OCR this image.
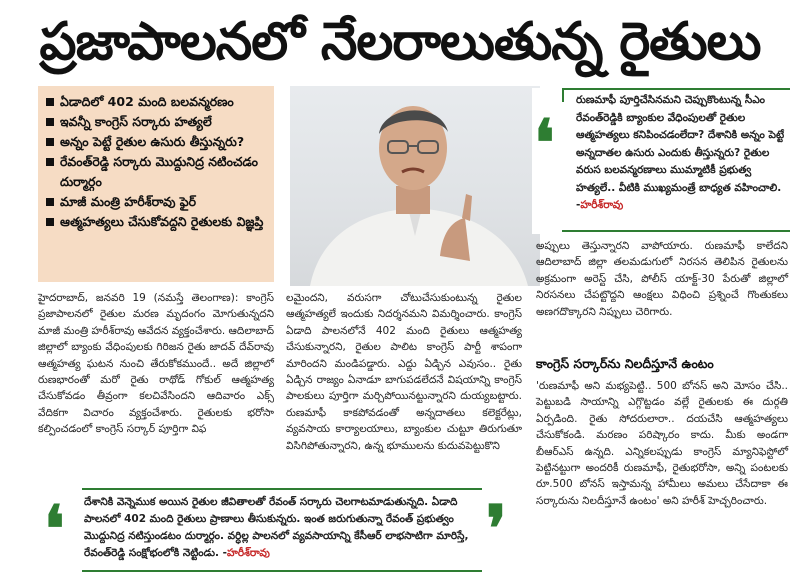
ప్రజాపాలనలో నేలరాలుతున్న రైతులు
ఏడాదిలో 402 మంది బలవన్మరణం
ఇవన్నీ కాంగ్రెస్ సర్కారు హత్యలే
అన్నం పెట్టే రైతుల ఉసురు తీస్తున్నరు?
రేవంత్‌రెడ్డి సర్కారు మొద్దునిద్ర నటించడం దుర్మార్గం
మాజీ మంత్రి హరీశ్‌రావు ఫైర్
ఆత్మహత్యలు చేసుకోవద్దని రైతులకు విజ్ఞప్తి
❛
రుణమాఫీ పూర్తిచేసినమని చెప్పుకొంటున్న సీఎం రేవంత్‌రెడ్డికి బ్యాంకుల వేధింపులతో రైతుల ఆత్మహత్యలు కనిపించడంలేదా? దేశానికి అన్నం పెట్టే అన్నదాతల ఉసురు ఎందుకు తీస్తున్నరు? రైతుల వరుస బలవన్మరణాలు ముమ్మాటికీ ప్రభుత్వ హత్యలే.. వీటికి ముఖ్యమంత్రే బాధ్యత వహించాలి. -హరీశ్‌రావు

హైదరాబాద్, జనవరి 19 (నమస్తే తెలంగాణ): కాంగ్రెస్ ప్రజాపాలనలో రైతుల మరణ మృదంగం మోగుతున్నదని మాజీ మంత్రి హరీశ్‌రావు ఆవేదన వ్యక్తంచేశారు. ఆదిలాబాద్ జిల్లాలో బ్యాంకు వేధింపులకు గిరిజన రైతు జాదవ్ దేవ్‌రావు ఆత్మహత్య ఘటన నుంచి తేరుకోకముందే.. అదే జిల్లాలో రుణభారంతో మరో రైతు రాథోడ్ గోకుల్ ఆత్మహత్య చేసుకోవడం తీవ్రంగా కలచివేసిందని ఆదివారం ఎక్స్ వేదికగా విచారం వ్యక్తంచేశారు. రైతులకు భరోసా కల్పించడంలో కాంగ్రెస్ సర్కార్ పూర్తిగా విఫ

లమైందని, వరుసగా చోటుచేసుకుంటున్న రైతుల ఆత్మహత్యలే ఇందుకు నిదర్శనమని విమర్శించారు. కాంగ్రెస్ ఏడాది పాలనలోనే 402 మంది రైతులు ఆత్మహత్య చేసుకున్నారని, రైతుల పాలిట కాంగ్రెస్ పార్టీ శాపంగా మారిందని మండిపడ్డారు. ఎద్దు ఏడ్చిన ఎవుసం.. రైతు ఏడ్చిన రాజ్యం ఏనాడూ బాగుపడలేదనే విషయాన్ని కాంగ్రెస్ పాలకులు పూర్తిగా మర్చిపోయినట్టున్నారని దుయ్యబట్టారు. రుణమాఫీ కాకపోవడంతో అన్నదాతలు కలెక్టరేట్లు, వ్యవసాయ కార్యాలయాలు, బ్యాంకుల చుట్టూ తిరుగుతూ విసిగిపోతున్నారని, ఉన్న భూములను కుదువపెట్టుకొని

అప్పులు తెస్తున్నారని వాపోయారు. రుణమాఫీ కాలేదని ఆదిలాబాద్ జిల్లా తలమడుగులో నిరసన తెలిపిన రైతులను అక్రమంగా అరెస్ట్ చేసి, పోలీస్ యాక్ట్-30 పేరుతో జిల్లాలో నిరసనలు చేపట్టొద్దని ఆంక్షలు విధించి ప్రశ్నించే గొంతుకలు అణగదొక్కారని నిప్పులు చెరిగారు.

కాంగ్రెస్ సర్కార్‌ను నిలదీస్తూనే ఉంటం

'రుణమాఫీ అని మభ్యపెట్టి.. 500 బోనస్ అని మోసం చేసి.. పెట్టుబడి సాయాన్ని ఎగ్గొట్టడం వల్లే రైతులకు ఈ దుర్గతి ఏర్పడింది. రైతు సోదరులారా.. దయచేసి ఆత్మహత్యలు చేసుకోకండి. మరణం పరిష్కారం కాదు. మీకు అండగా బీఆర్‌ఎస్ ఉన్నది. ఎన్నికలప్పుడు కాంగ్రెస్ మ్యానిఫెస్టోలో పెట్టినట్టుగా అందరికీ రుణమాఫీ, రైతుభరోసా, అన్ని పంటలకు రూ.500 బోనస్ ఇస్తామన్న హామీలు అమలు చేసేదాకా ఈ సర్కారును నిలదీస్తూనే ఉంటం' అని హరీశ్ హెచ్చరించారు.

❛	❜
దేశానికి వెన్నెముక అయిన రైతుల జీవితాలతో రేవంత్ సర్కారు చెలగాటమాడుతున్నది. ఏడాది పాలనలో 402 మంది రైతులు ప్రాణాలు తీసుకున్నరు. ఇంత జరుగుతున్నా రేవంత్ ప్రభుత్వం మొద్దునిద్ర నటిస్తుండటం దుర్మార్గం. వర్ధిల్ల పాలనలో వ్యవసాయాన్ని కేసీఆర్ లాభసాటిగా మారిస్తే, రేవంత్‌రెడ్డి సంక్షోభంలోకి నెట్టిండు. -హరీశ్‌రావు
